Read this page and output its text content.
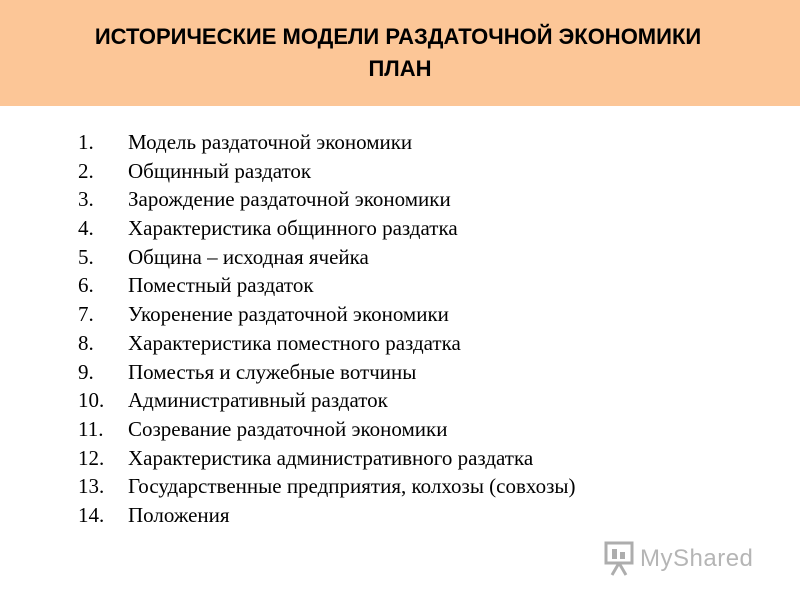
ИСТОРИЧЕСКИЕ МОДЕЛИ РАЗДАТОЧНОЙ ЭКОНОМИКИ
ПЛАН
1.	Модель раздаточной экономики
2.	Общинный раздаток
3.	Зарождение раздаточной экономики
4.	Характеристика общинного раздатка
5.	Община – исходная ячейка
6.	Поместный раздаток
7.	Укоренение раздаточной экономики
8.	Характеристика поместного раздатка
9.	Поместья и служебные вотчины
10.	Административный раздаток
11.	Созревание раздаточной экономики
12.	Характеристика административного раздатка
13.	Государственные предприятия, колхозы (совхозы)
14.	Положения
MyShared
